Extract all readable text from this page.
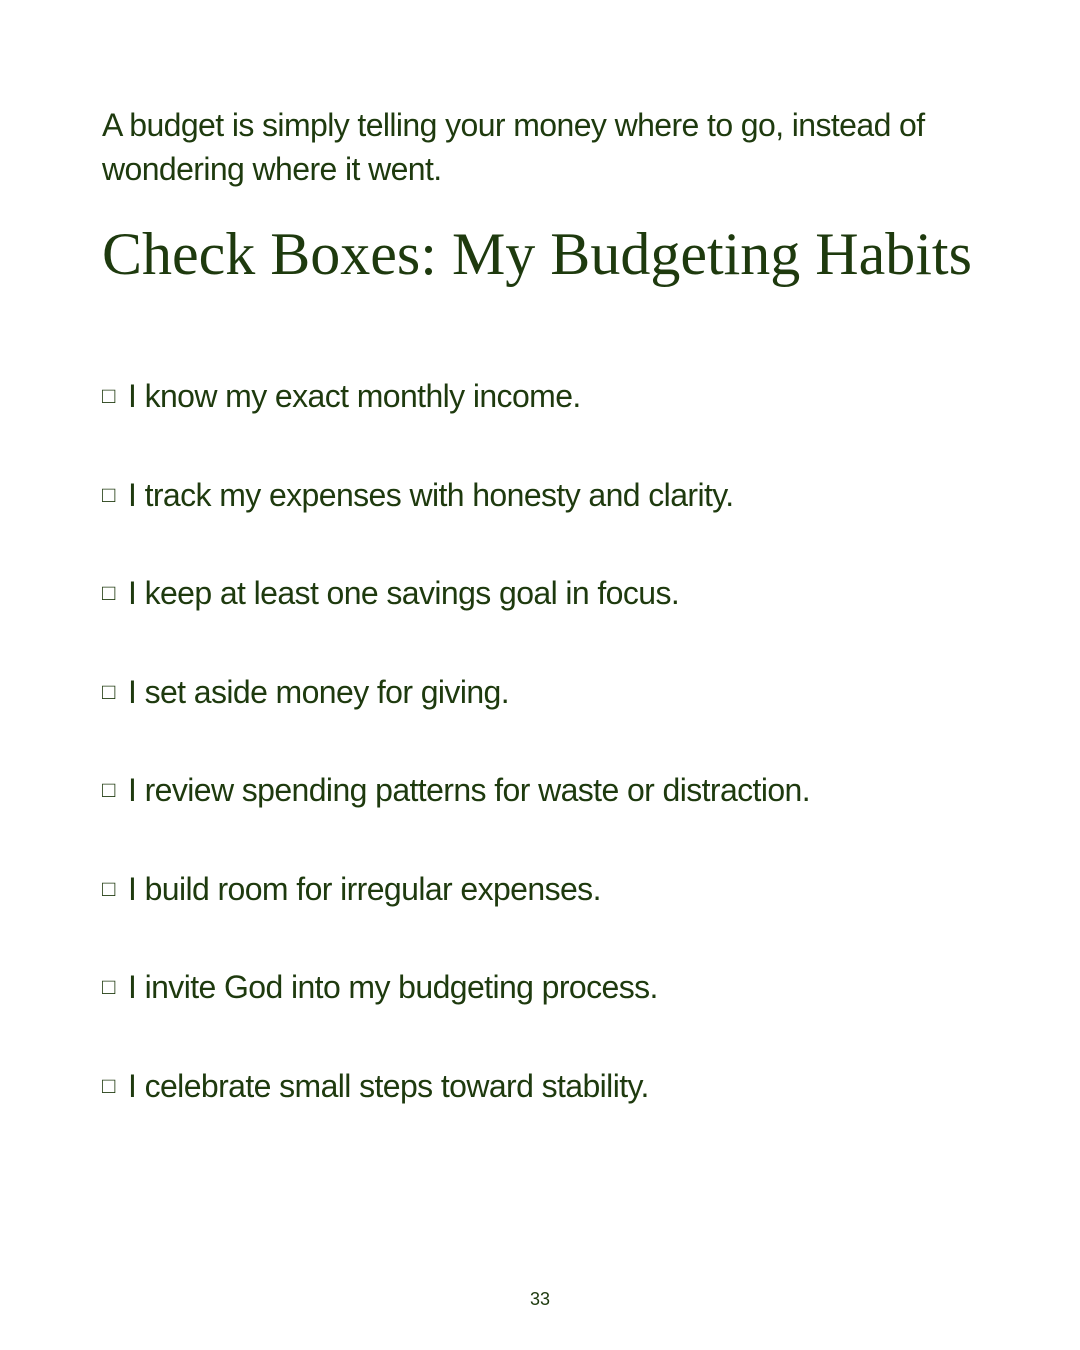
A budget is simply telling your money where to go, instead of wondering where it went.

Check Boxes: My Budgeting Habits
□ I know my exact monthly income.
□ I track my expenses with honesty and clarity.
□ I keep at least one savings goal in focus.
□ I set aside money for giving.
□ I review spending patterns for waste or distraction.
□ I build room for irregular expenses.
□ I invite God into my budgeting process.
□ I celebrate small steps toward stability.
33
